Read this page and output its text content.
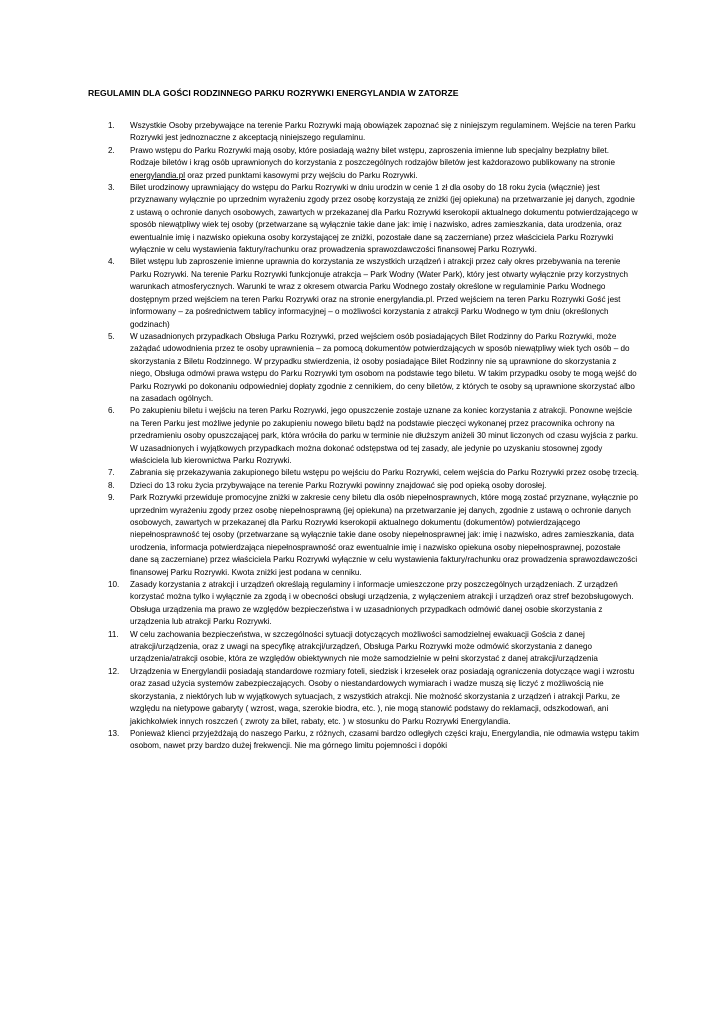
REGULAMIN DLA GOŚCI RODZINNEGO PARKU ROZRYWKI ENERGYLANDIA W ZATORZE
1. Wszystkie Osoby przebywające na terenie Parku Rozrywki mają obowiązek zapoznać się z niniejszym regulaminem. Wejście na teren Parku Rozrywki jest jednoznaczne z akceptacją niniejszego regulaminu.
2. Prawo wstępu do Parku Rozrywki mają osoby, które posiadają ważny bilet wstępu, zaproszenia imienne lub specjalny bezpłatny bilet. Rodzaje biletów i krąg osób uprawnionych do korzystania z poszczególnych rodzajów biletów jest każdorazowo publikowany na stronie energylandia.pl oraz przed punktami kasowymi przy wejściu do Parku Rozrywki.
3. Bilet urodzinowy uprawniający do wstępu do Parku Rozrywki w dniu urodzin w cenie 1 zł dla osoby do 18 roku życia (włącznie) jest przyznawany wyłącznie po uprzednim wyrażeniu zgody przez osobę korzystają ze zniżki (jej opiekuna) na przetwarzanie jej danych, zgodnie z ustawą o ochronie danych osobowych, zawartych w przekazanej dla Parku Rozrywki kserokopii aktualnego dokumentu potwierdzającego w sposób niewątpliwy wiek tej osoby (przetwarzane są wyłącznie takie dane jak: imię i nazwisko, adres zamieszkania, data urodzenia, oraz ewentualnie imię i nazwisko opiekuna osoby korzystającej ze zniżki, pozostałe dane są zaczerniane) przez właściciela Parku Rozrywki wyłącznie w celu wystawienia faktury/rachunku oraz prowadzenia sprawozdawczości finansowej Parku Rozrywki.
4. Bilet wstępu lub zaproszenie imienne uprawnia do korzystania ze wszystkich urządzeń i atrakcji przez cały okres przebywania na terenie Parku Rozrywki. Na terenie Parku Rozrywki funkcjonuje atrakcja – Park Wodny (Water Park), który jest otwarty wyłącznie przy korzystnych warunkach atmosferycznych. Warunki te wraz z okresem otwarcia Parku Wodnego zostały określone w regulaminie Parku Wodnego dostępnym przed wejściem na teren Parku Rozrywki oraz na stronie energylandia.pl. Przed wejściem na teren Parku Rozrywki Gość jest informowany – za pośrednictwem tablicy informacyjnej – o możliwości korzystania z atrakcji Parku Wodnego w tym dniu (określonych godzinach)
5. W uzasadnionych przypadkach Obsługa Parku Rozrywki, przed wejściem osób posiadających Bilet Rodzinny do Parku Rozrywki, może zażądać udowodnienia przez te osoby uprawnienia – za pomocą dokumentów potwierdzających w sposób niewątpliwy wiek tych osób – do skorzystania z Biletu Rodzinnego. W przypadku stwierdzenia, iż osoby posiadające Bilet Rodzinny nie są uprawnione do skorzystania z niego, Obsługa odmówi prawa wstępu do Parku Rozrywki tym osobom na podstawie tego biletu. W takim przypadku osoby te mogą wejść do Parku Rozrywki po dokonaniu odpowiedniej dopłaty zgodnie z cennikiem, do ceny biletów, z których te osoby są uprawnione skorzystać albo na zasadach ogólnych.
6. Po zakupieniu biletu i wejściu na teren Parku Rozrywki, jego opuszczenie zostaje uznane za koniec korzystania z atrakcji. Ponowne wejście na Teren Parku jest możliwe jedynie po zakupieniu nowego biletu bądź na podstawie pieczęci wykonanej przez pracownika ochrony na przedramieniu osoby opuszczającej park, która wróciła do parku w terminie nie dłuższym aniżeli 30 minut liczonych od czasu wyjścia z parku. W uzasadnionych i wyjątkowych przypadkach można dokonać odstępstwa od tej zasady, ale jedynie po uzyskaniu stosownej zgody właściciela lub kierownictwa Parku Rozrywki.
7. Zabrania się przekazywania zakupionego biletu wstępu po wejściu do Parku Rozrywki, celem wejścia do Parku Rozrywki przez osobę trzecią.
8. Dzieci do 13 roku życia przybywające na terenie Parku Rozrywki powinny znajdować się pod opieką osoby dorosłej.
9. Park Rozrywki przewiduje promocyjne zniżki w zakresie ceny biletu dla osób niepełnosprawnych, które mogą zostać przyznane, wyłącznie po uprzednim wyrażeniu zgody przez osobę niepełnosprawną (jej opiekuna) na przetwarzanie jej danych, zgodnie z ustawą o ochronie danych osobowych, zawartych w przekazanej dla Parku Rozrywki kserokopii aktualnego dokumentu (dokumentów) potwierdzającego niepełnosprawność tej osoby (przetwarzane są wyłącznie takie dane osoby niepełnosprawnej jak: imię i nazwisko, adres zamieszkania, data urodzenia, informacja potwierdzająca niepełnosprawność oraz ewentualnie imię i nazwisko opiekuna osoby niepełnosprawnej, pozostałe dane są zaczerniane) przez właściciela Parku Rozrywki wyłącznie w celu wystawienia faktury/rachunku oraz prowadzenia sprawozdawczości finansowej Parku Rozrywki. Kwota zniżki jest podana w cenniku.
10. Zasady korzystania z atrakcji i urządzeń określają regulaminy i informacje umieszczone przy poszczególnych urządzeniach. Z urządzeń korzystać można tylko i wyłącznie za zgodą i w obecności obsługi urządzenia, z wyłączeniem atrakcji i urządzeń oraz stref bezobsługowych. Obsługa urządzenia ma prawo ze względów bezpieczeństwa i w uzasadnionych przypadkach odmówić danej osobie skorzystania z urządzenia lub atrakcji Parku Rozrywki.
11. W celu zachowania bezpieczeństwa, w szczególności sytuacji dotyczących możliwości samodzielnej ewakuacji Gościa z danej atrakcji/urządzenia, oraz z uwagi na specyfikę atrakcji/urządzeń, Obsługa Parku Rozrywki może odmówić skorzystania z danego urządzenia/atrakcji osobie, która ze względów obiektywnych nie może samodzielnie w pełni skorzystać z danej atrakcji/urządzenia
12. Urządzenia w Energylandii posiadają standardowe rozmiary foteli, siedzisk i krzesełek oraz posiadają ograniczenia dotyczące wagi i wzrostu oraz zasad użycia systemów zabezpieczających. Osoby o niestandardowych wymiarach i wadze muszą się liczyć z możliwością nie skorzystania, z niektórych lub w wyjątkowych sytuacjach, z wszystkich atrakcji. Nie możność skorzystania z urządzeń i atrakcji Parku, ze względu na nietypowe gabaryty ( wzrost, waga, szerokie biodra, etc. ), nie mogą stanowić podstawy do reklamacji, odszkodowań, ani jakichkolwiek innych roszczeń ( zwroty za bilet, rabaty, etc. ) w stosunku do Parku Rozrywki Energylandia.
13. Ponieważ klienci przyjeżdżają do naszego Parku, z różnych, czasami bardzo odległych części kraju, Energylandia, nie odmawia wstępu takim osobom, nawet przy bardzo dużej frekwencji. Nie ma górnego limitu pojemności i dopóki
